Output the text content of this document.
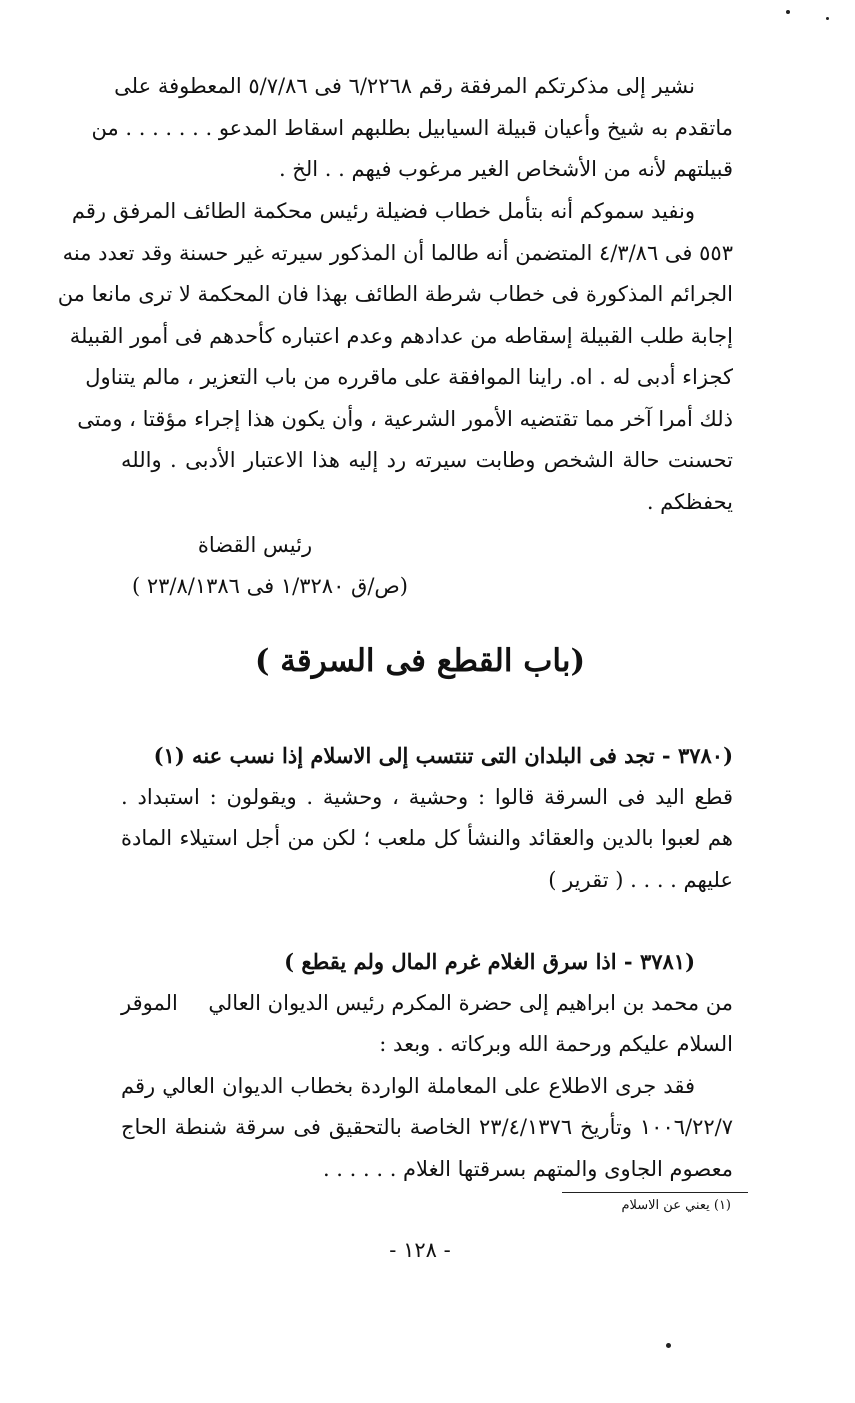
نشير إلى مذكرتكم المرفقة رقم ٦/٢٢٦٨ فى ٥/٧/٨٦ المعطوفة على
ماتقدم به شيخ وأعيان قبيلة السيابيل بطلبهم اسقاط المدعو . . . . . . . من
قبيلتهم لأنه من الأشخاص الغير مرغوب فيهم . . الخ .
ونفيد سموكم أنه بتأمل خطاب فضيلة رئيس محكمة الطائف المرفق رقم
٥٥٣ فى ٤/٣/٨٦ المتضمن أنه طالما أن المذكور سيرته غير حسنة وقد تعدد منه
الجرائم المذكورة فى خطاب شرطة الطائف بهذا فان المحكمة لا ترى مانعا من
إجابة طلب القبيلة إسقاطه من عدادهم وعدم اعتباره كأحدهم فى أمور القبيلة
كجزاء أدبى له . اه. راينا الموافقة على ماقرره من باب التعزير ، مالم يتناول
ذلك أمرا آخر مما تقتضيه الأمور الشرعية ، وأن يكون هذا إجراء مؤقتا ، ومتى
تحسنت حالة الشخص وطابت سيرته رد إليه هذا الاعتبار الأدبى . والله
يحفظكم .
رئيس القضاة
(ص/ق ١/٣٢٨٠ فى ٢٣/٨/١٣٨٦ )
(باب القطع فى السرقة )
(٣٧٨٠ - تجد فى البلدان التى تنتسب إلى الاسلام إذا نسب عنه (١)
قطع اليد فى السرقة قالوا : وحشية ، وحشية . ويقولون : استبداد .
هم لعبوا بالدين والعقائد والنشأ كل ملعب ؛ لكن من أجل استيلاء المادة
عليهم . . . . ( تقرير )
(٣٧٨١ - اذا سرق الغلام غرم المال ولم يقطع )
من محمد بن ابراهيم إلى حضرة المكرم رئيس الديوان العالي
الموقر
السلام عليكم ورحمة الله وبركاته . وبعد :
فقد جرى الاطلاع على المعاملة الواردة بخطاب الديوان العالي رقم
١٠٠٦/٢٢/٧ وتأريخ ٢٣/٤/١٣٧٦ الخاصة بالتحقيق فى سرقة شنطة الحاج
معصوم الجاوى والمتهم بسرقتها الغلام . . . . . .
(١) يعني عن الاسلام
- ١٢٨ -
